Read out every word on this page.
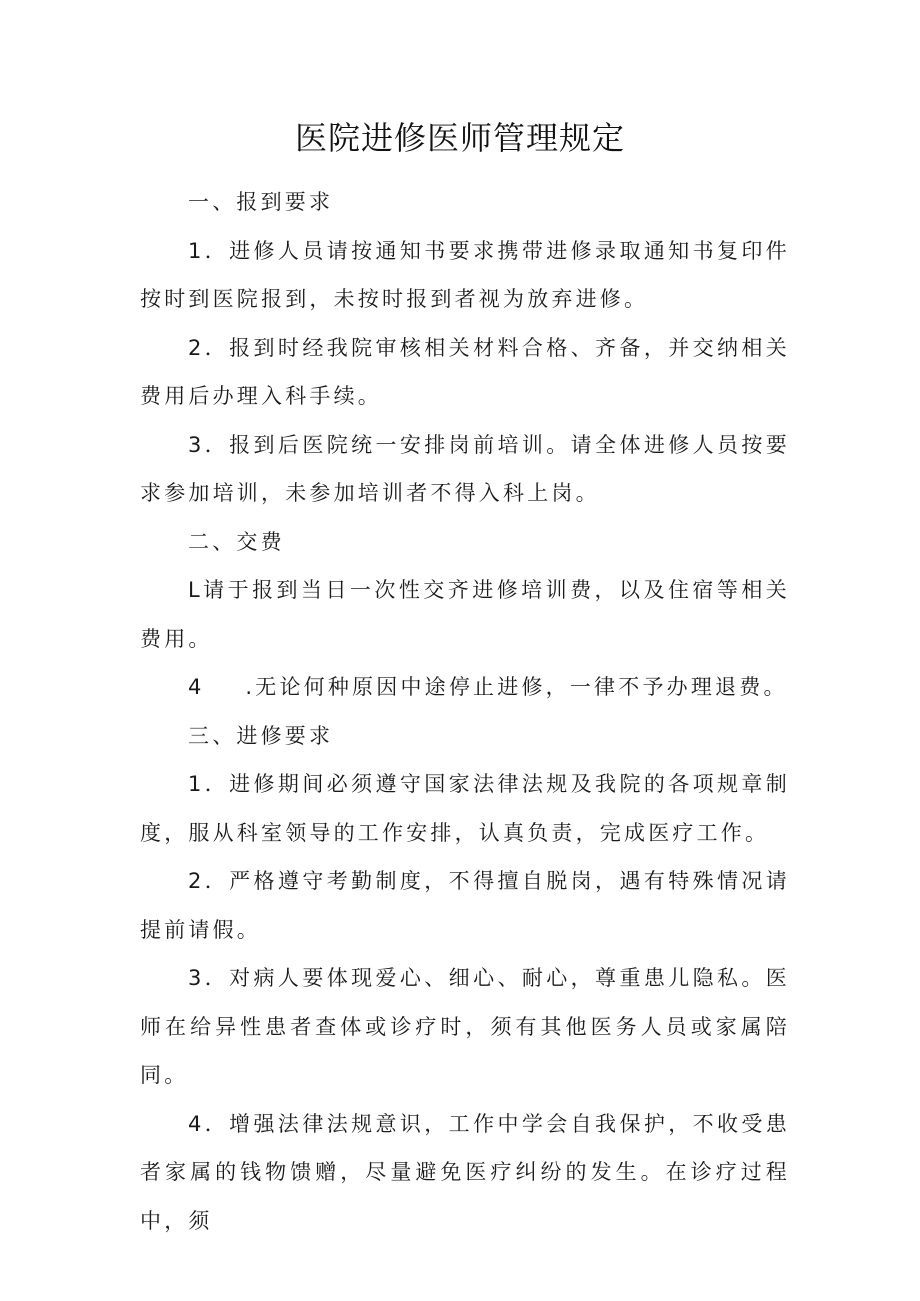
医院进修医师管理规定

一、报到要求

1．进修人员请按通知书要求携带进修录取通知书复印件按时到医院报到，未按时报到者视为放弃进修。

2．报到时经我院审核相关材料合格、齐备，并交纳相关费用后办理入科手续。

3．报到后医院统一安排岗前培训。请全体进修人员按要求参加培训，未参加培训者不得入科上岗。

二、交费

L请于报到当日一次性交齐进修培训费，以及住宿等相关费用。

4 .无论何种原因中途停止进修，一律不予办理退费。

三、进修要求

1．进修期间必须遵守国家法律法规及我院的各项规章制度，服从科室领导的工作安排，认真负责，完成医疗工作。

2．严格遵守考勤制度，不得擅自脱岗，遇有特殊情况请提前请假。

3．对病人要体现爱心、细心、耐心，尊重患儿隐私。医师在给异性患者查体或诊疗时，须有其他医务人员或家属陪同。

4．增强法律法规意识，工作中学会自我保护，不收受患者家属的钱物馈赠，尽量避免医疗纠纷的发生。在诊疗过程中，须
